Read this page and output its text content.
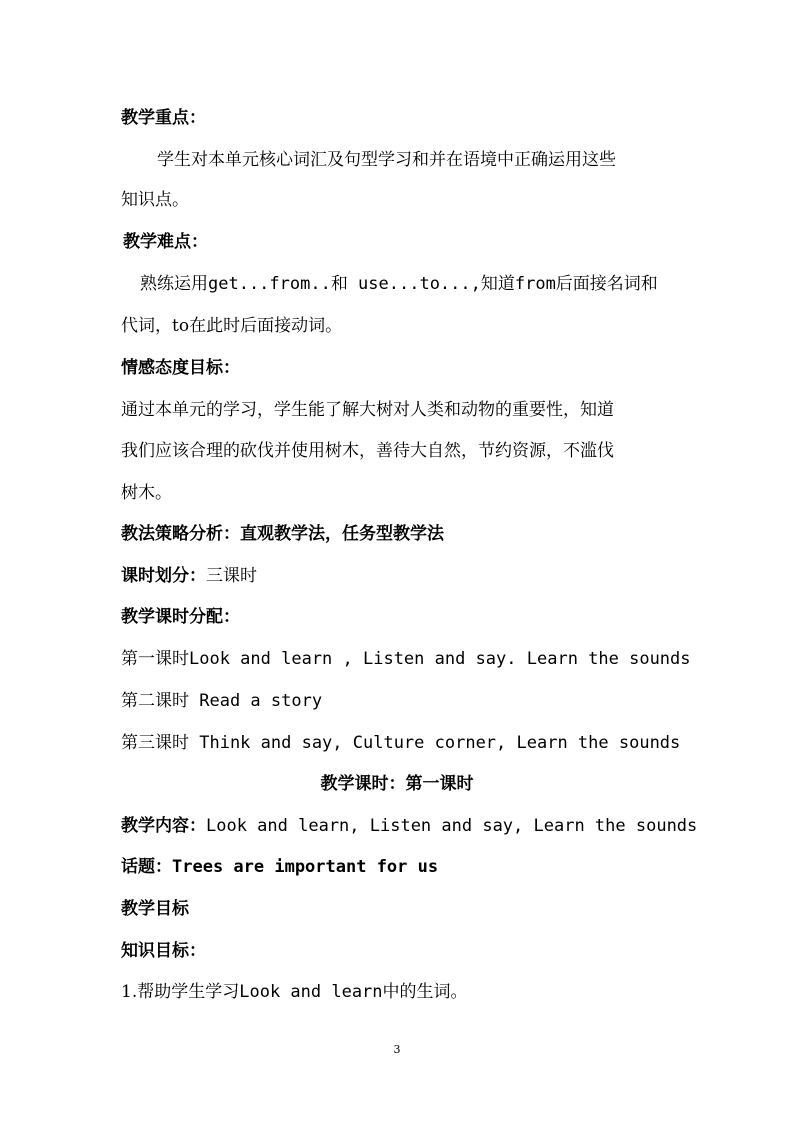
教学重点：
学生对本单元核心词汇及句型学习和并在语境中正确运用这些
知识点。
教学难点：
熟练运用get...from..和 use...to...,知道from后面接名词和
代词，to在此时后面接动词。
情感态度目标：
通过本单元的学习，学生能了解大树对人类和动物的重要性，知道
我们应该合理的砍伐并使用树木，善待大自然，节约资源，不滥伐
树木。
教法策略分析：直观教学法，任务型教学法
课时划分：三课时
教学课时分配：
第一课时Look and learn , Listen and say. Learn the sounds
第二课时 Read a story
第三课时 Think and say, Culture corner, Learn the sounds
教学课时：第一课时
教学内容：Look and learn, Listen and say, Learn the sounds
话题：Trees are important for us
教学目标
知识目标：
1.帮助学生学习Look and learn中的生词。
3
